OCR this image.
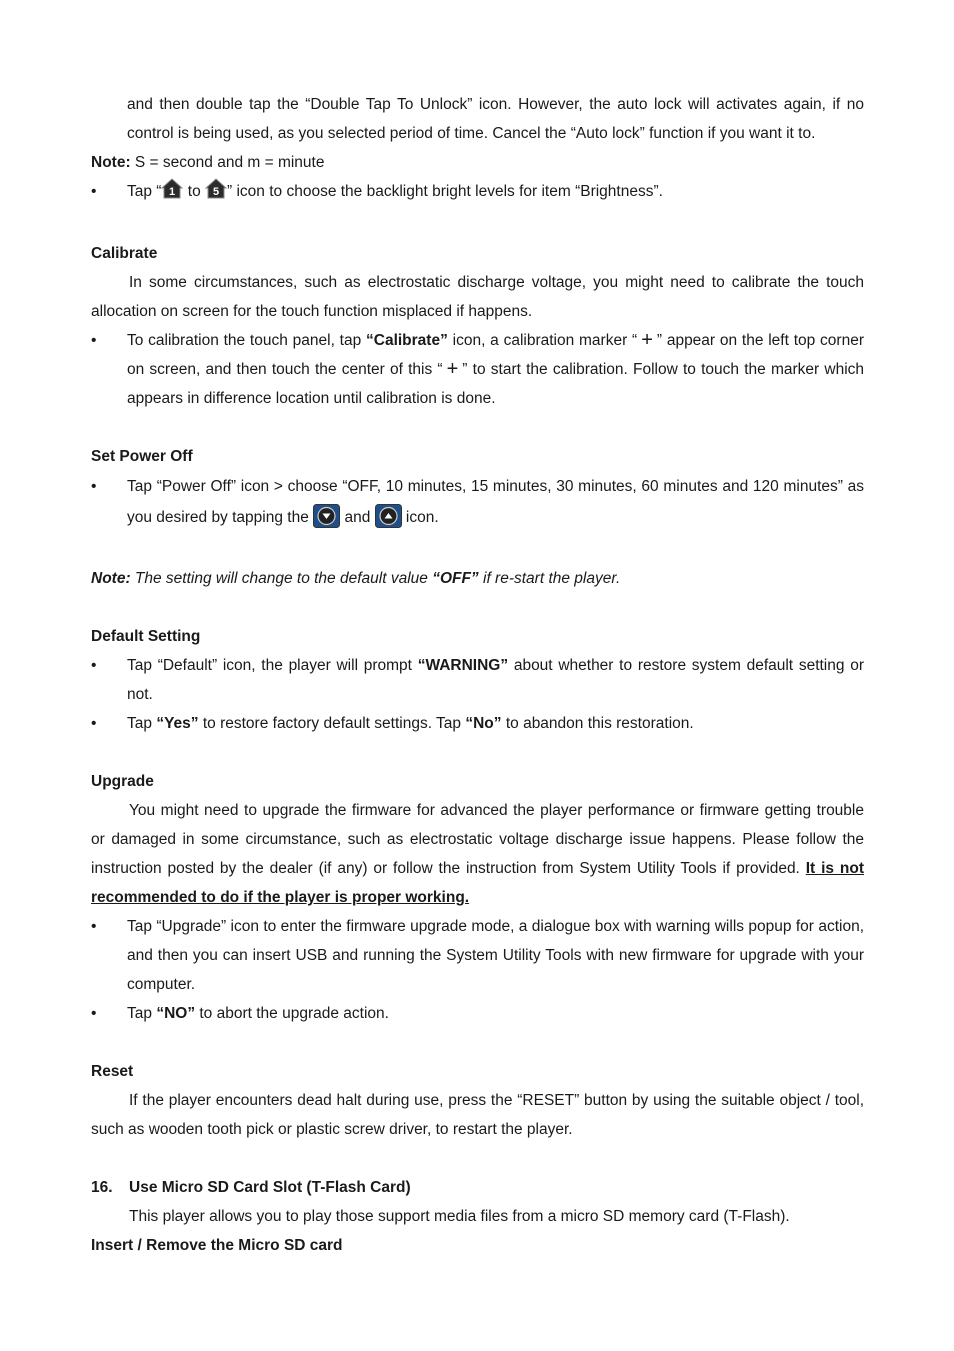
and then double tap the “Double Tap To Unlock” icon. However, the auto lock will activates again, if no control is being used, as you selected period of time. Cancel the “Auto lock” function if you want it to.

Note: S = second and m = minute

• Tap “ 1 to 5 ” icon to choose the backlight bright levels for item “Brightness”.

Calibrate

In some circumstances, such as electrostatic discharge voltage, you might need to calibrate the touch allocation on screen for the touch function misplaced if happens.

• To calibration the touch panel, tap “Calibrate” icon, a calibration marker “ + ” appear on the left top corner on screen, and then touch the center of this “ + ” to start the calibration. Follow to touch the marker which appears in difference location until calibration is done.

Set Power Off

• Tap “Power Off” icon > choose “OFF, 10 minutes, 15 minutes, 30 minutes, 60 minutes and 120 minutes” as you desired by tapping the  and  icon.

Note: The setting will change to the default value “OFF” if re-start the player.

Default Setting

• Tap “Default” icon, the player will prompt “WARNING” about whether to restore system default setting or not.
• Tap “Yes” to restore factory default settings. Tap “No” to abandon this restoration.

Upgrade

You might need to upgrade the firmware for advanced the player performance or firmware getting trouble or damaged in some circumstance, such as electrostatic voltage discharge issue happens. Please follow the instruction posted by the dealer (if any) or follow the instruction from System Utility Tools if provided. It is not recommended to do if the player is proper working.

• Tap “Upgrade” icon to enter the firmware upgrade mode, a dialogue box with warning wills popup for action, and then you can insert USB and running the System Utility Tools with new firmware for upgrade with your computer.
• Tap “NO” to abort the upgrade action.

Reset

If the player encounters dead halt during use, press the “RESET” button by using the suitable object / tool, such as wooden tooth pick or plastic screw driver, to restart the player.

16. Use Micro SD Card Slot (T-Flash Card)

This player allows you to play those support media files from a micro SD memory card (T-Flash).

Insert / Remove the Micro SD card
